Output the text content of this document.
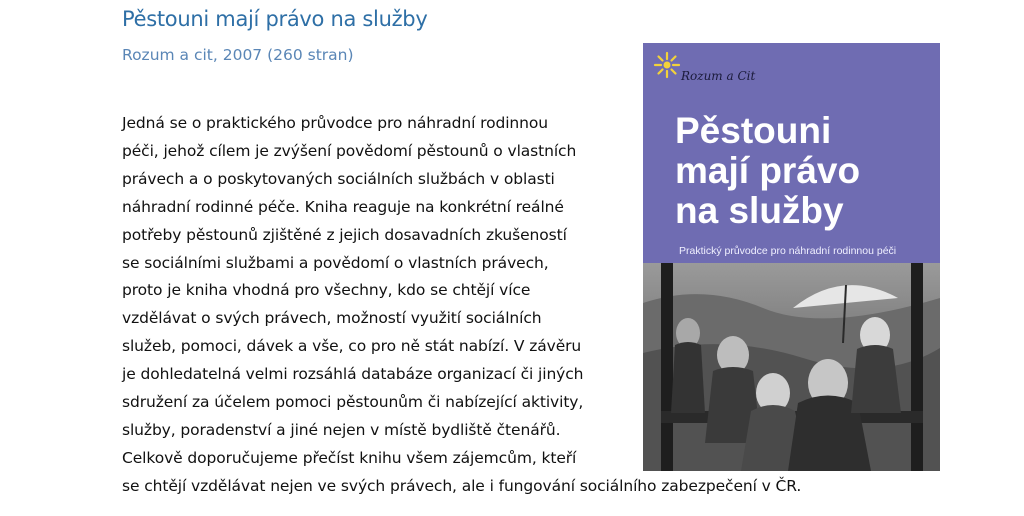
Pěstouni mají právo na služby
Rozum a cit, 2007 (260 stran)
Jedná se o praktického průvodce pro náhradní rodinnou
péči, jehož cílem je zvýšení povědomí pěstounů o vlastních
právech a o poskytovaných sociálních službách v oblasti
náhradní rodinné péče. Kniha reaguje na konkrétní reálné
potřeby pěstounů zjištěné z jejich dosavadních zkušeností
se sociálními službami a povědomí o vlastních právech,
proto je kniha vhodná pro všechny, kdo se chtějí více
vzdělávat o svých právech, možností využití sociálních
služeb, pomoci, dávek a vše, co pro ně stát nabízí. V závěru
je dohledatelná velmi rozsáhlá databáze organizací či jiných
sdružení za účelem pomoci pěstounům či nabízející aktivity,
služby, poradenství a jiné nejen v místě bydliště čtenářů.
Celkově doporučujeme přečíst knihu všem zájemcům, kteří
se chtějí vzdělávat nejen ve svých právech, ale i fungování sociálního zabezpečení v ČR.
Rozum a Cit
Pěstouni
mají právo
na služby
Praktický průvodce pro náhradní rodinnou péči
